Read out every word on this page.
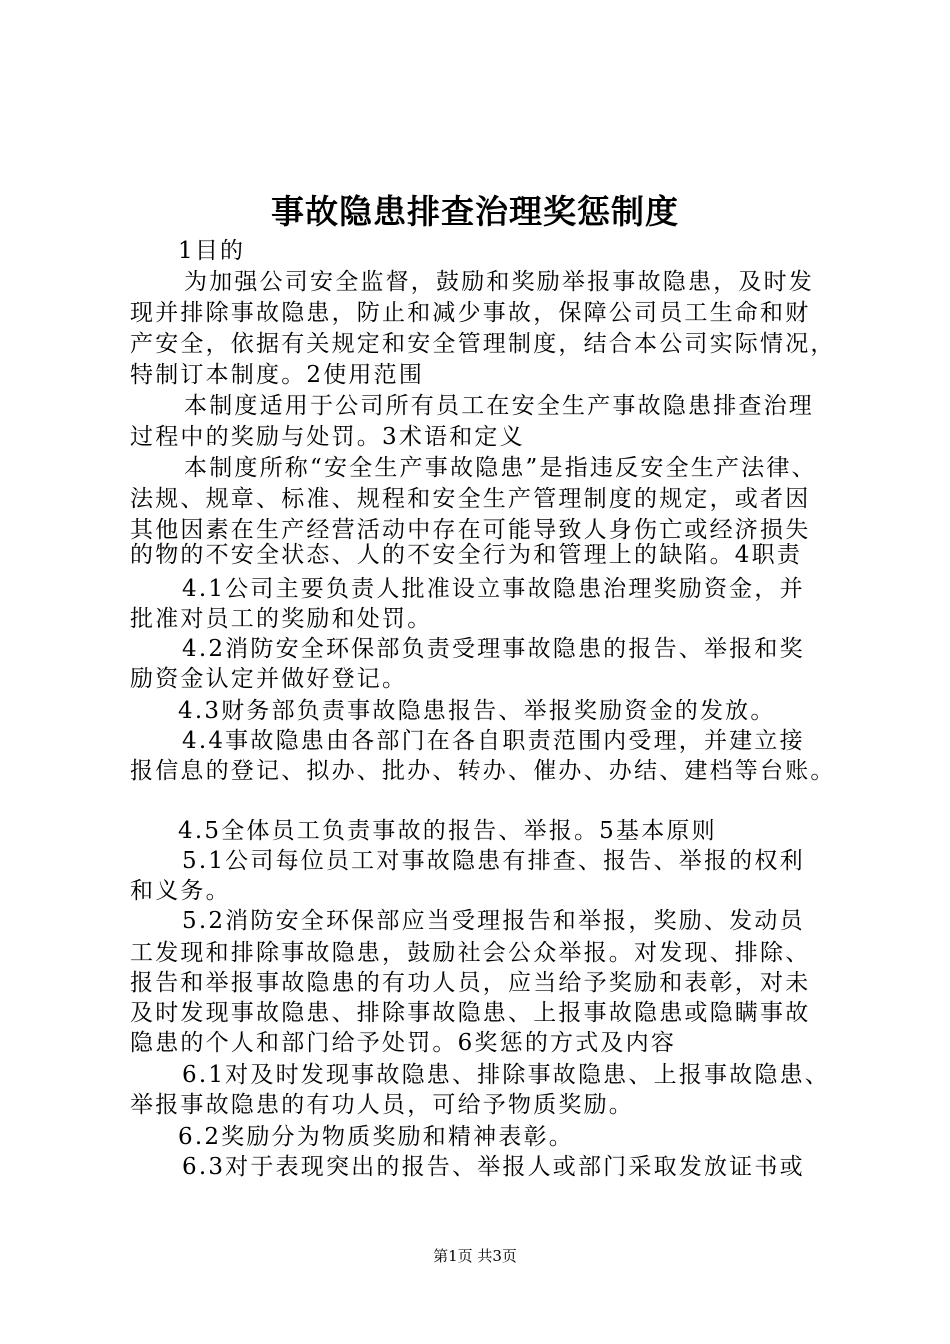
事故隐患排查治理奖惩制度
1目的
为加强公司安全监督，鼓励和奖励举报事故隐患，及时发
现并排除事故隐患，防止和减少事故，保障公司员工生命和财
产安全，依据有关规定和安全管理制度，结合本公司实际情况，
特制订本制度。2使用范围
本制度适用于公司所有员工在安全生产事故隐患排查治理
过程中的奖励与处罚。3术语和定义
本制度所称“安全生产事故隐患”是指违反安全生产法律、
法规、规章、标准、规程和安全生产管理制度的规定，或者因
其他因素在生产经营活动中存在可能导致人身伤亡或经济损失
的物的不安全状态、人的不安全行为和管理上的缺陷。4职责
4.1公司主要负责人批准设立事故隐患治理奖励资金，并
批准对员工的奖励和处罚。
4.2消防安全环保部负责受理事故隐患的报告、举报和奖
励资金认定并做好登记。
4.3财务部负责事故隐患报告、举报奖励资金的发放。
4.4事故隐患由各部门在各自职责范围内受理，并建立接
报信息的登记、拟办、批办、转办、催办、办结、建档等台账。
4.5全体员工负责事故的报告、举报。5基本原则
5.1公司每位员工对事故隐患有排查、报告、举报的权利
和义务。
5.2消防安全环保部应当受理报告和举报，奖励、发动员
工发现和排除事故隐患，鼓励社会公众举报。对发现、排除、
报告和举报事故隐患的有功人员，应当给予奖励和表彰，对未
及时发现事故隐患、排除事故隐患、上报事故隐患或隐瞒事故
隐患的个人和部门给予处罚。6奖惩的方式及内容
6.1对及时发现事故隐患、排除事故隐患、上报事故隐患、
举报事故隐患的有功人员，可给予物质奖励。
6.2奖励分为物质奖励和精神表彰。
6.3对于表现突出的报告、举报人或部门采取发放证书或
第1页 共3页
